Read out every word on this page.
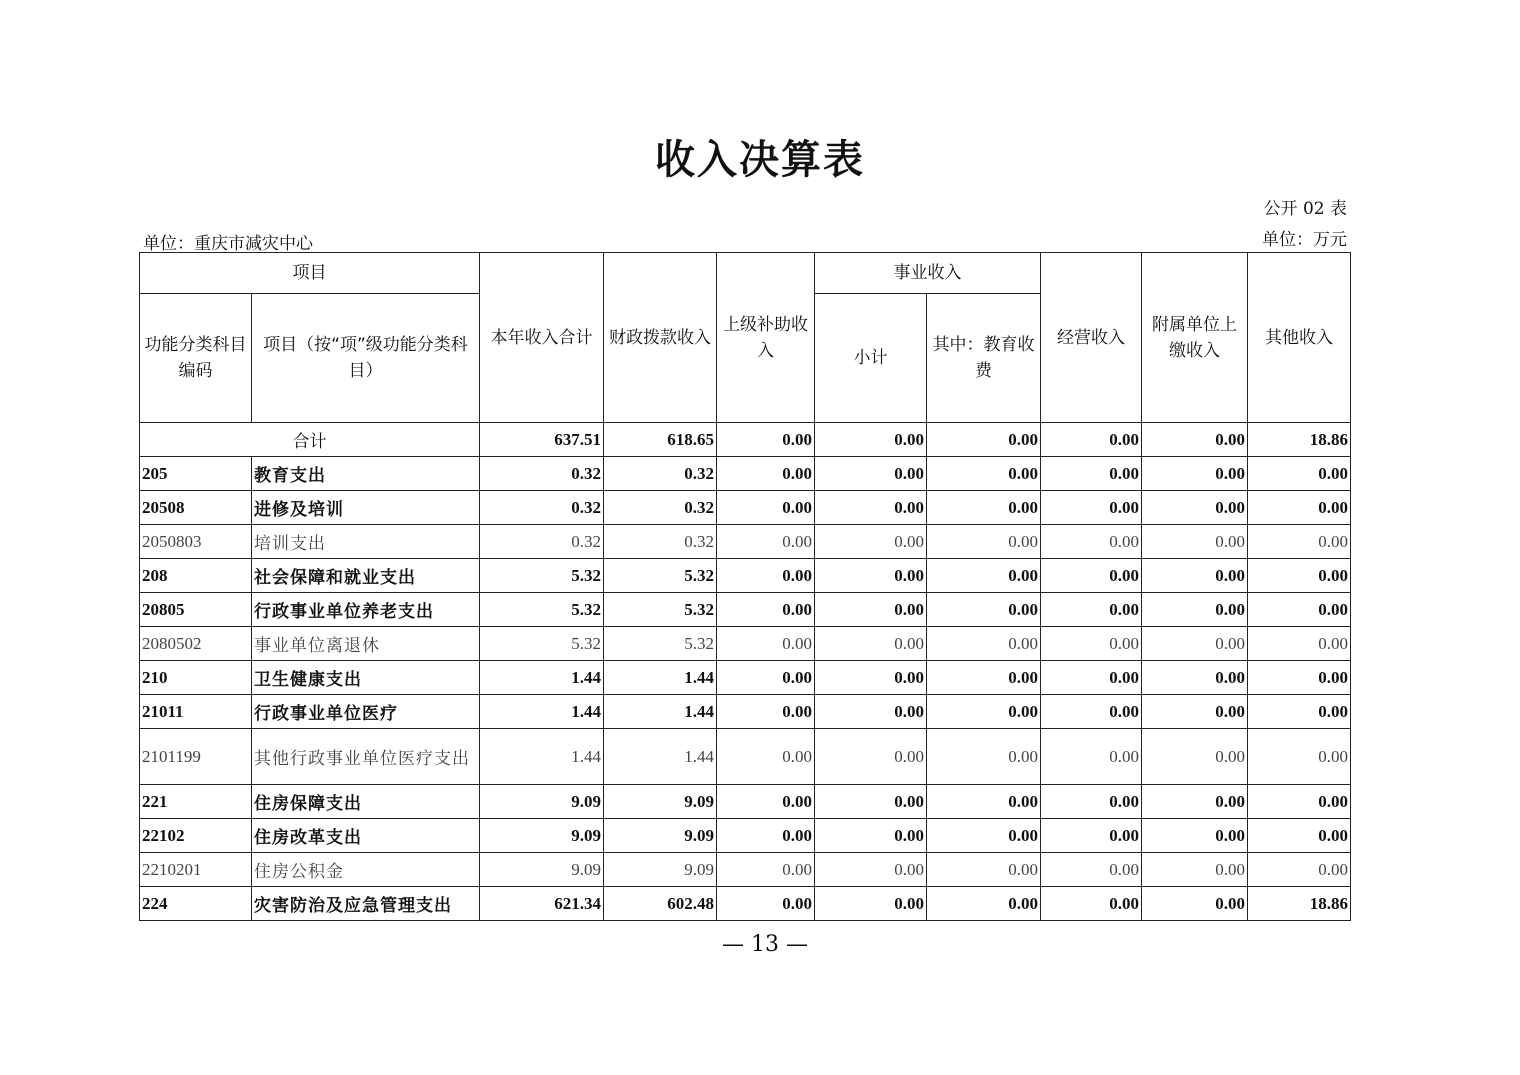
收入决算表
公开 02 表
单位：重庆市减灾中心	单位：万元
项目		本年收入合计	财政拨款收入	上级补助收入	事业收入		经营收入	附属单位上缴收入	其他收入
功能分类科目编码	项目（按“项”级功能分类科目）				小计	其中：教育收费			
合计		637.51	618.65	0.00	0.00	0.00	0.00	0.00	18.86
205	教育支出	0.32	0.32	0.00	0.00	0.00	0.00	0.00	0.00
20508	进修及培训	0.32	0.32	0.00	0.00	0.00	0.00	0.00	0.00
2050803	培训支出	0.32	0.32	0.00	0.00	0.00	0.00	0.00	0.00
208	社会保障和就业支出	5.32	5.32	0.00	0.00	0.00	0.00	0.00	0.00
20805	行政事业单位养老支出	5.32	5.32	0.00	0.00	0.00	0.00	0.00	0.00
2080502	事业单位离退休	5.32	5.32	0.00	0.00	0.00	0.00	0.00	0.00
210	卫生健康支出	1.44	1.44	0.00	0.00	0.00	0.00	0.00	0.00
21011	行政事业单位医疗	1.44	1.44	0.00	0.00	0.00	0.00	0.00	0.00
2101199	其他行政事业单位医疗支出	1.44	1.44	0.00	0.00	0.00	0.00	0.00	0.00
221	住房保障支出	9.09	9.09	0.00	0.00	0.00	0.00	0.00	0.00
22102	住房改革支出	9.09	9.09	0.00	0.00	0.00	0.00	0.00	0.00
2210201	住房公积金	9.09	9.09	0.00	0.00	0.00	0.00	0.00	0.00
224	灾害防治及应急管理支出	621.34	602.48	0.00	0.00	0.00	0.00	0.00	18.86
— 13 —
